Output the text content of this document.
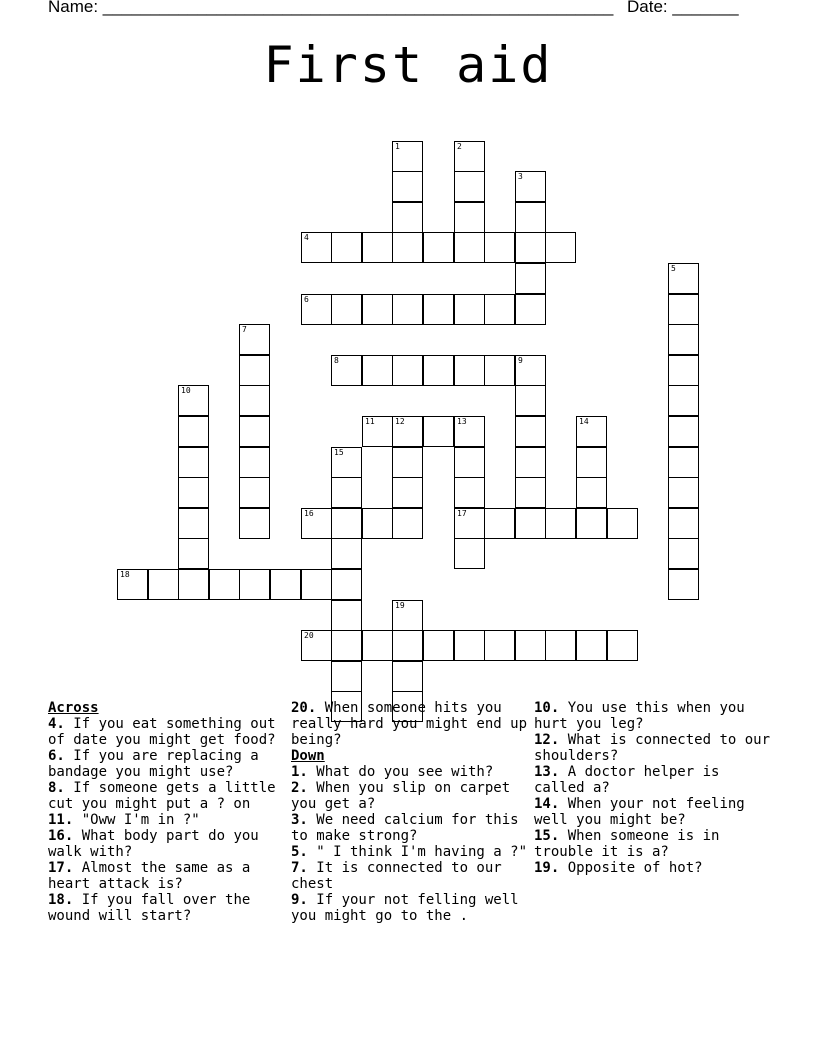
Name: ______________________________________________________ Date: _______
First aid
1	2
3
4
5
6
7
8	9
10
11	12	13	14
15
16	17
18
19
20
Across
4. If you eat something out of date you might get food?
6. If you are replacing a bandage you might use?
8. If someone gets a little cut you might put a ? on
11. "Oww I'm in ?"
16. What body part do you walk with?
17. Almost the same as a heart attack is?
18. If you fall over the wound will start?
20. When someone hits you really hard you might end up being?
Down
1. What do you see with?
2. When you slip on carpet you get a?
3. We need calcium for this to make strong?
5. " I think I'm having a ?"
7. It is connected to our chest
9. If your not felling well you might go to the .
10. You use this when you hurt you leg?
12. What is connected to our shoulders?
13. A doctor helper is called a?
14. When your not feeling well you might be?
15. When someone is in trouble it is a?
19. Opposite of hot?
